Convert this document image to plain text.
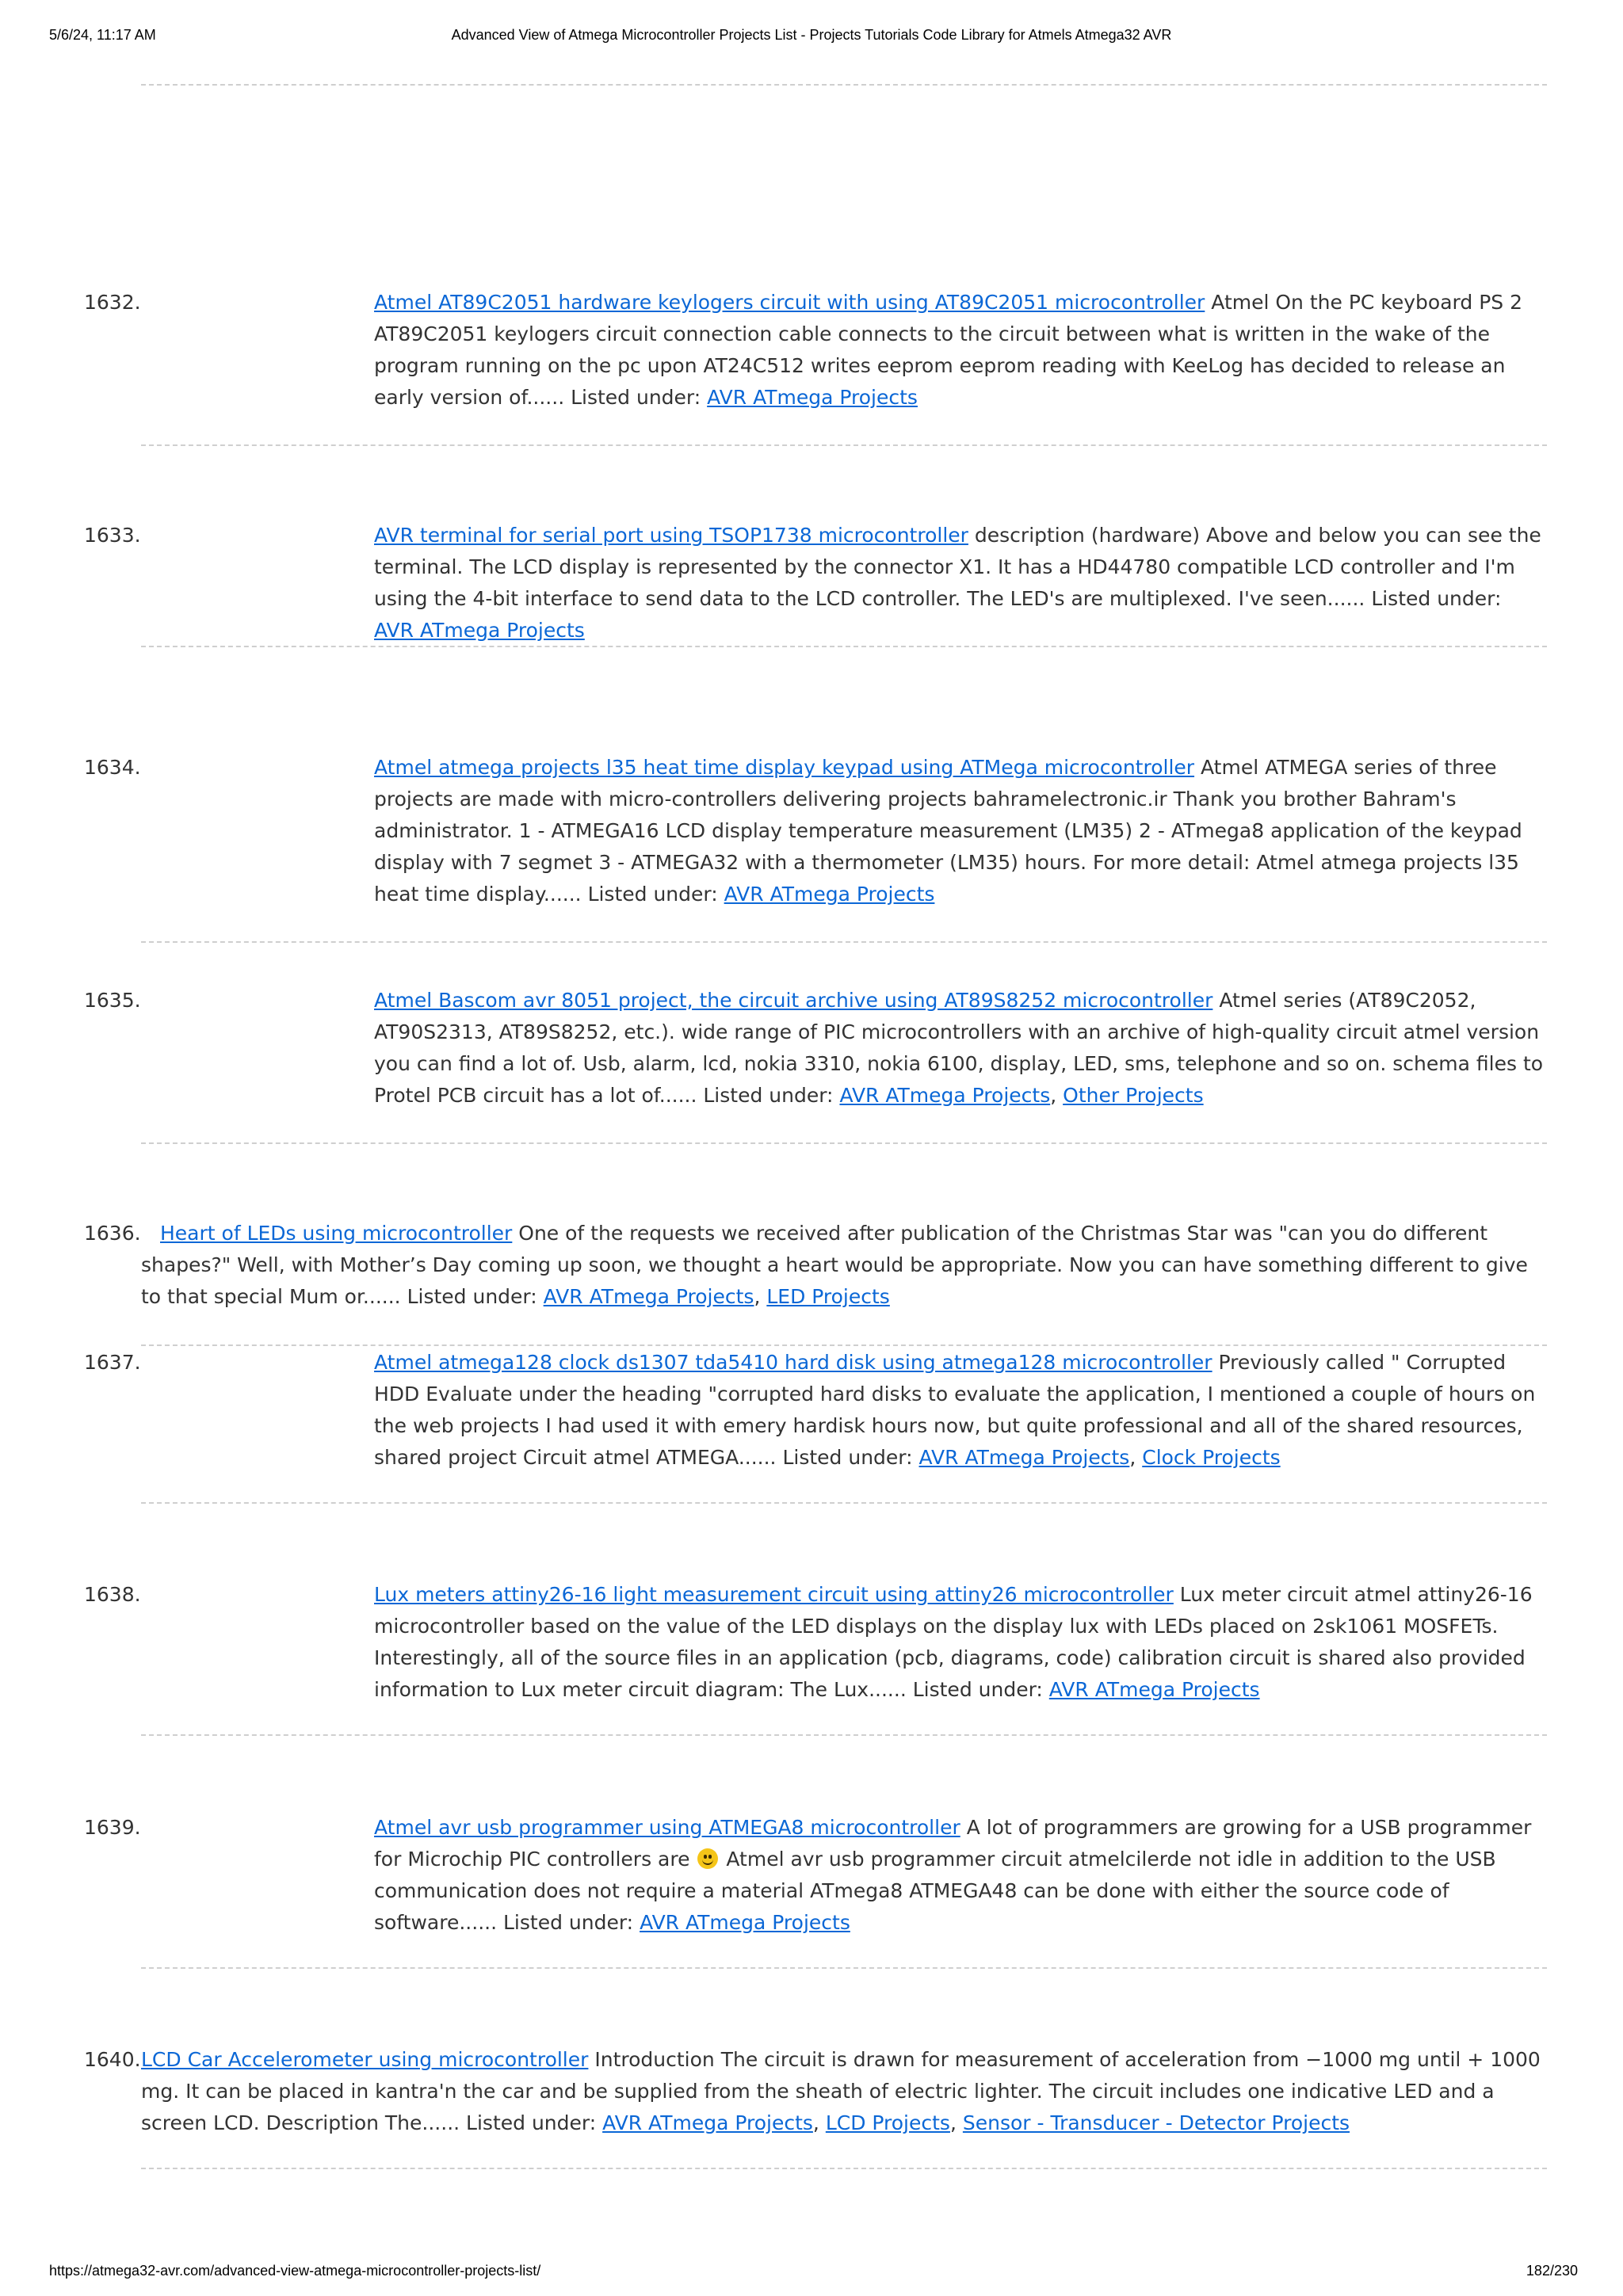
5/6/24, 11:17 AM	Advanced View of Atmega Microcontroller Projects List - Projects Tutorials Code Library for Atmels Atmega32 AVR
1632.	Atmel AT89C2051 hardware keylogers circuit with using AT89C2051 microcontroller Atmel On the PC keyboard PS 2 AT89C2051 keylogers circuit connection cable connects to the circuit between what is written in the wake of the program running on the pc upon AT24C512 writes eeprom eeprom reading with KeeLog has decided to release an early version of...... Listed under: AVR ATmega Projects
1633.	AVR terminal for serial port using TSOP1738 microcontroller description (hardware) Above and below you can see the terminal. The LCD display is represented by the connector X1. It has a HD44780 compatible LCD controller and I'm using the 4-bit interface to send data to the LCD controller. The LED's are multiplexed. I've seen...... Listed under: AVR ATmega Projects
1634.	Atmel atmega projects l35 heat time display keypad using ATMega microcontroller Atmel ATMEGA series of three projects are made with micro-controllers delivering projects bahramelectronic.ir Thank you brother Bahram's administrator. 1 - ATMEGA16 LCD display temperature measurement (LM35) 2 - ATmega8 application of the keypad display with 7 segmet 3 - ATMEGA32 with a thermometer (LM35) hours. For more detail: Atmel atmega projects l35 heat time display...... Listed under: AVR ATmega Projects
1635.	Atmel Bascom avr 8051 project, the circuit archive using AT89S8252 microcontroller Atmel series (AT89C2052, AT90S2313, AT89S8252, etc.). wide range of PIC microcontrollers with an archive of high-quality circuit atmel version you can find a lot of. Usb, alarm, lcd, nokia 3310, nokia 6100, display, LED, sms, telephone and so on. schema files to Protel PCB circuit has a lot of...... Listed under: AVR ATmega Projects, Other Projects
1636. Heart of LEDs using microcontroller One of the requests we received after publication of the Christmas Star was "can you do different shapes?" Well, with Mother’s Day coming up soon, we thought a heart would be appropriate. Now you can have something different to give to that special Mum or...... Listed under: AVR ATmega Projects, LED Projects
1637.	Atmel atmega128 clock ds1307 tda5410 hard disk using atmega128 microcontroller Previously called " Corrupted HDD Evaluate under the heading "corrupted hard disks to evaluate the application, I mentioned a couple of hours on the web projects I had used it with emery hardisk hours now, but quite professional and all of the shared resources, shared project Circuit atmel ATMEGA...... Listed under: AVR ATmega Projects, Clock Projects
1638.	Lux meters attiny26-16 light measurement circuit using attiny26 microcontroller Lux meter circuit atmel attiny26-16 microcontroller based on the value of the LED displays on the display lux with LEDs placed on 2sk1061 MOSFETs. Interestingly, all of the source files in an application (pcb, diagrams, code) calibration circuit is shared also provided information to Lux meter circuit diagram: The Lux...... Listed under: AVR ATmega Projects
1639.	Atmel avr usb programmer using ATMEGA8 microcontroller A lot of programmers are growing for a USB programmer for Microchip PIC controllers are Atmel avr usb programmer circuit atmelcilerde not idle in addition to the USB communication does not require a material ATmega8 ATMEGA48 can be done with either the source code of software...... Listed under: AVR ATmega Projects
1640. LCD Car Accelerometer using microcontroller Introduction The circuit is drawn for measurement of acceleration from −1000 mg until + 1000 mg. It can be placed in kantra'n the car and be supplied from the sheath of electric lighter. The circuit includes one indicative LED and a screen LCD. Description The...... Listed under: AVR ATmega Projects, LCD Projects, Sensor - Transducer - Detector Projects
https://atmega32-avr.com/advanced-view-atmega-microcontroller-projects-list/	182/230
